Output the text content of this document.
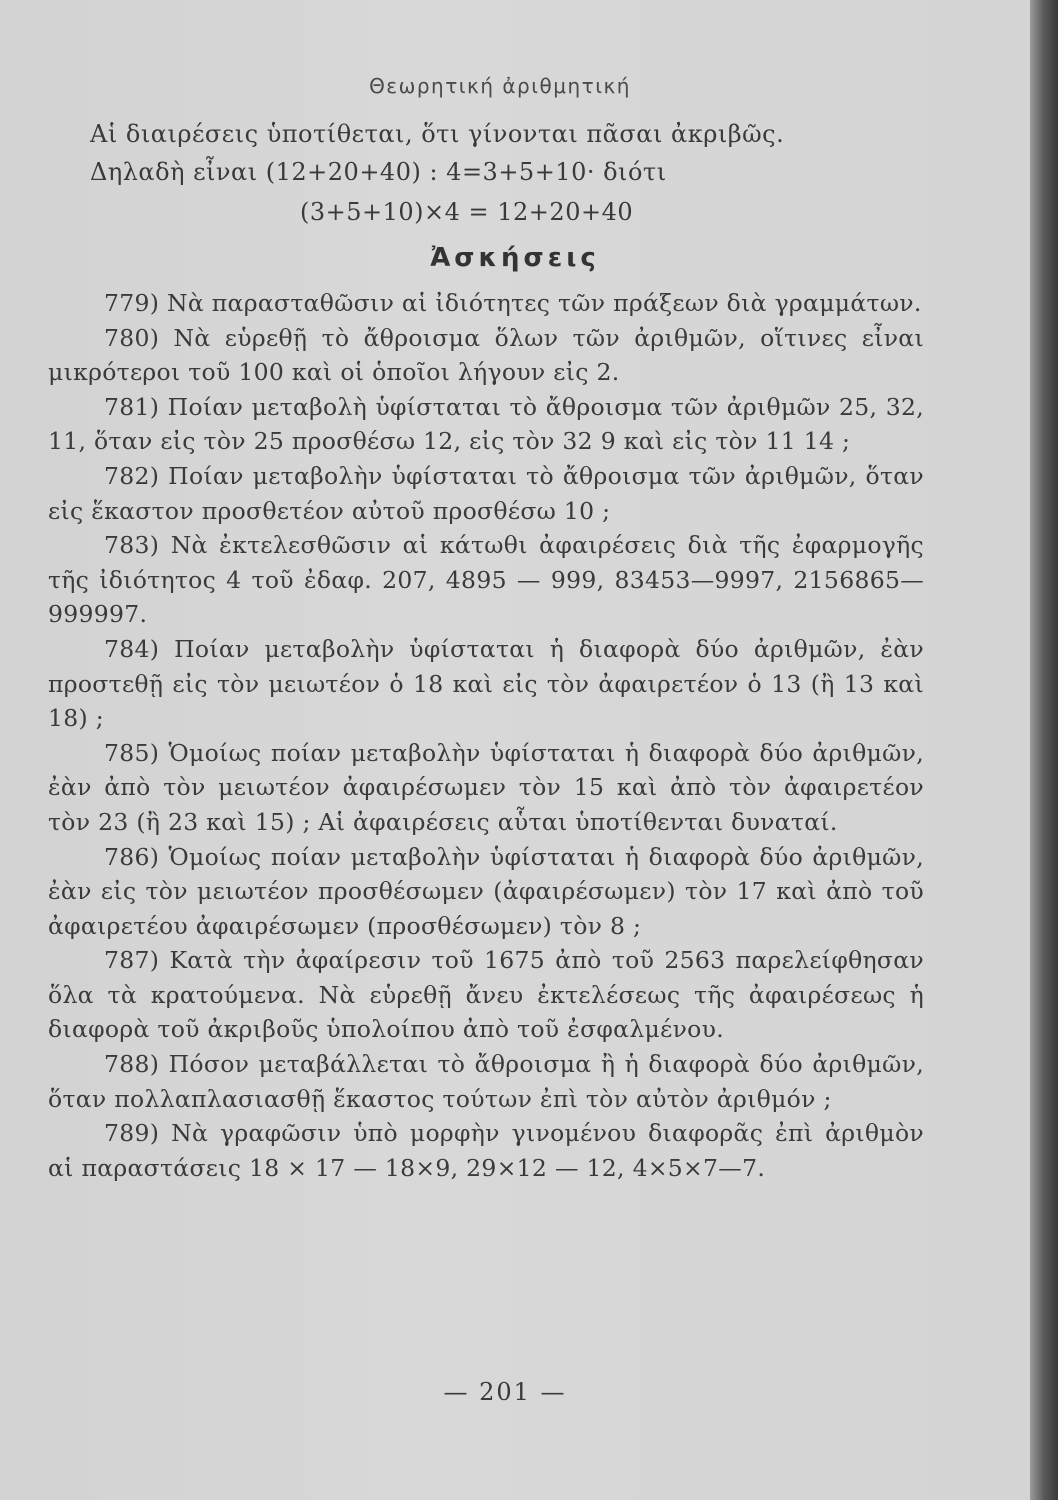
Θεωρητική ἀριθμητική
Αἱ διαιρέσεις ὑποτίθεται, ὅτι γίνονται πᾶσαι ἀκριβῶς.
Δηλαδὴ εἶναι (12+20+40) : 4=3+5+10· διότι
(3+5+10)×4 = 12+20+40
Ἀσκήσεις

779) Νὰ παρασταθῶσιν αἱ ἰδιότητες τῶν πράξεων διὰ γραμμάτων.

780) Νὰ εὑρεθῇ τὸ ἄθροισμα ὅλων τῶν ἀριθμῶν, οἵτινες εἶναι μικρότεροι τοῦ 100 καὶ οἱ ὁποῖοι λήγουν εἰς 2.

781) Ποίαν μεταβολὴ ὑφίσταται τὸ ἄθροισμα τῶν ἀριθμῶν 25, 32, 11, ὅταν εἰς τὸν 25 προσθέσω 12, εἰς τὸν 32 9 καὶ εἰς τὸν 11 14 ;

782) Ποίαν μεταβολὴν ὑφίσταται τὸ ἄθροισμα τῶν ἀριθμῶν, ὅταν εἰς ἕκαστον προσθετέον αὐτοῦ προσθέσω 10 ;

783) Νὰ ἐκτελεσθῶσιν αἱ κάτωθι ἀφαιρέσεις διὰ τῆς ἐφαρμογῆς τῆς ἰδιότητος 4 τοῦ ἐδαφ. 207, 4895 — 999, 83453—9997, 2156865—999997.

784) Ποίαν μεταβολὴν ὑφίσταται ἡ διαφορὰ δύο ἀριθμῶν, ἐὰν προστεθῇ εἰς τὸν μειωτέον ὁ 18 καὶ εἰς τὸν ἀφαιρετέον ὁ 13 (ἢ 13 καὶ 18) ;

785) Ὁμοίως ποίαν μεταβολὴν ὑφίσταται ἡ διαφορὰ δύο ἀριθμῶν, ἐὰν ἀπὸ τὸν μειωτέον ἀφαιρέσωμεν τὸν 15 καὶ ἀπὸ τὸν ἀφαιρετέον τὸν 23 (ἢ 23 καὶ 15) ; Αἱ ἀφαιρέσεις αὗται ὑποτίθενται δυναταί.

786) Ὁμοίως ποίαν μεταβολὴν ὑφίσταται ἡ διαφορὰ δύο ἀριθμῶν, ἐὰν εἰς τὸν μειωτέον προσθέσωμεν (ἀφαιρέσωμεν) τὸν 17 καὶ ἀπὸ τοῦ ἀφαιρετέου ἀφαιρέσωμεν (προσθέσωμεν) τὸν 8 ;

787) Κατὰ τὴν ἀφαίρεσιν τοῦ 1675 ἀπὸ τοῦ 2563 παρελείφθησαν ὅλα τὰ κρατούμενα. Νὰ εὑρεθῇ ἄνευ ἐκτελέσεως τῆς ἀφαιρέσεως ἡ διαφορὰ τοῦ ἀκριβοῦς ὑπολοίπου ἀπὸ τοῦ ἐσφαλμένου.

788) Πόσον μεταβάλλεται τὸ ἄθροισμα ἢ ἡ διαφορὰ δύο ἀριθμῶν, ὅταν πολλαπλασιασθῇ ἕκαστος τούτων ἐπὶ τὸν αὐτὸν ἀριθμόν ;

789) Νὰ γραφῶσιν ὑπὸ μορφὴν γινομένου διαφορᾶς ἐπὶ ἀριθμὸν αἱ παραστάσεις 18 × 17 — 18×9, 29×12 — 12, 4×5×7—7.

— 201 —
